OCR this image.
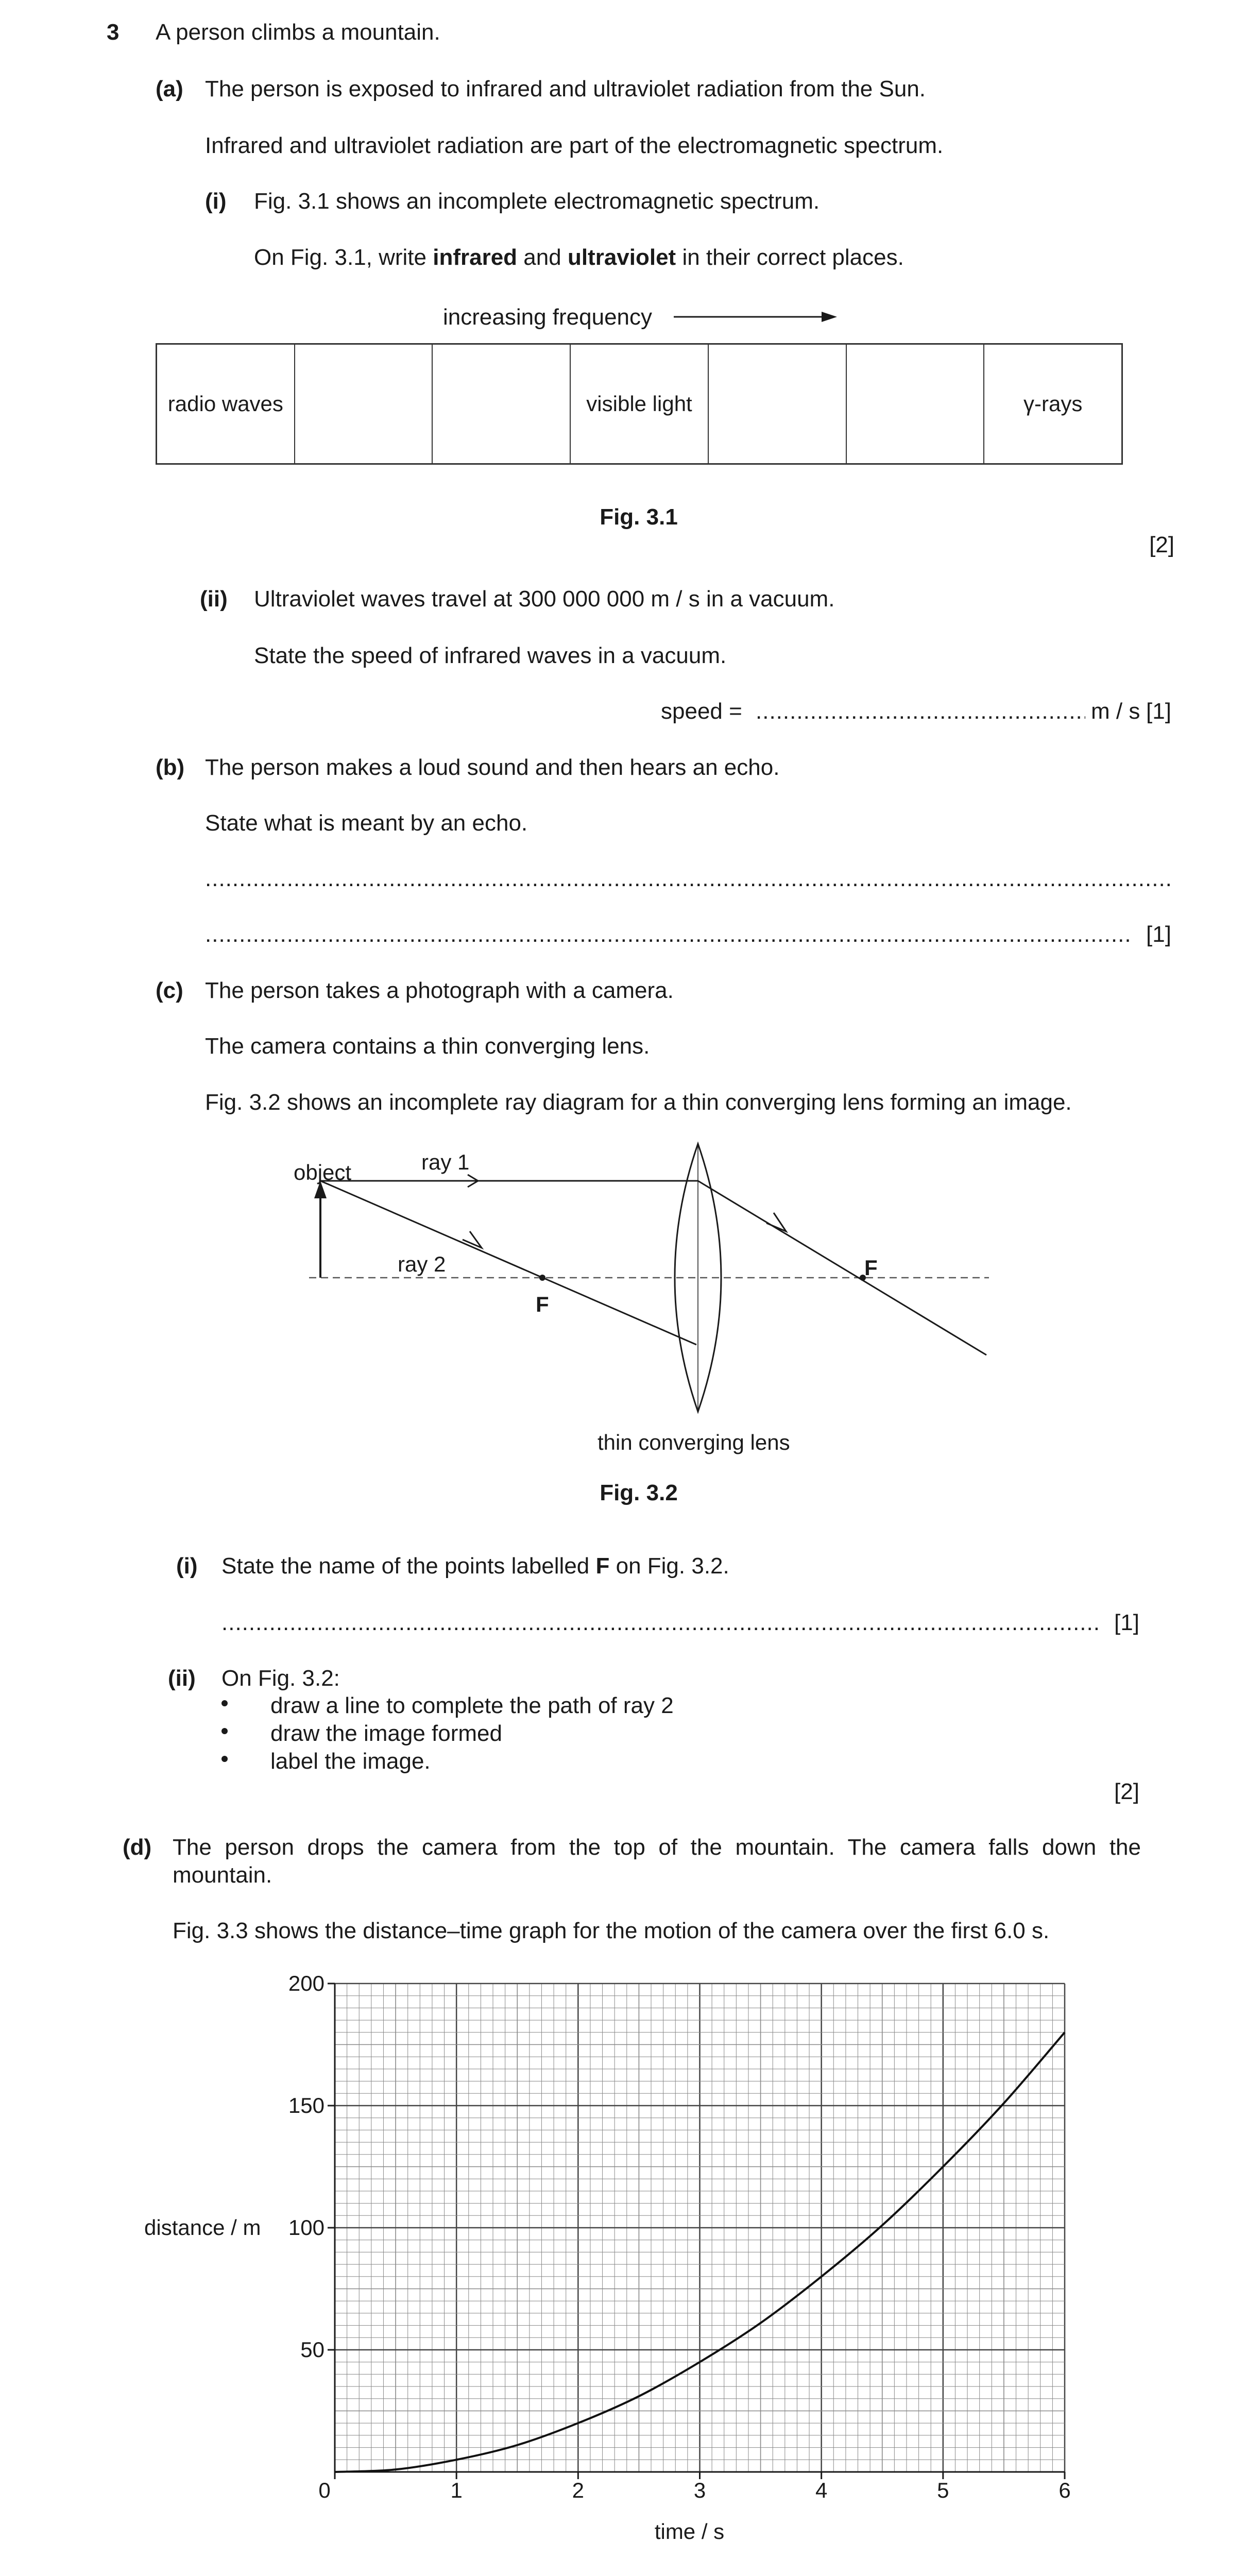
3 A person climbs a mountain.
(a) The person is exposed to infrared and ultraviolet radiation from the Sun.
Infrared and ultraviolet radiation are part of the electromagnetic spectrum.
(i) Fig. 3.1 shows an incomplete electromagnetic spectrum.
On Fig. 3.1, write infrared and ultraviolet in their correct places.
increasing frequency
radio waves	visible light	γ-rays
Fig. 3.1
[2]
(ii) Ultraviolet waves travel at 300 000 000 m / s in a vacuum.
State the speed of infrared waves in a vacuum.
speed =
.....	m / s [1]
(b) The person makes a loud sound and then hears an echo.
State what is meant by an echo.
.....
.....
[1]
(c) The person takes a photograph with a camera.
The camera contains a thin converging lens.
Fig. 3.2 shows an incomplete ray diagram for a thin converging lens forming an image.
object	ray 1
ray 2
F
F
thin converging lens
Fig. 3.2
(i) State the name of the points labelled F on Fig. 3.2.
.....
[1]
(ii) On Fig. 3.2:
draw a line to complete the path of ray 2
draw the image formed
label the image.
[2]
(d) The person drops the camera from the top of the mountain. The camera falls down the
mountain.
Fig. 3.3 shows the distance–time graph for the motion of the camera over the first 6.0 s.
0	1	2	3	4	5	6
50
100
150
200
time / s
distance / m
